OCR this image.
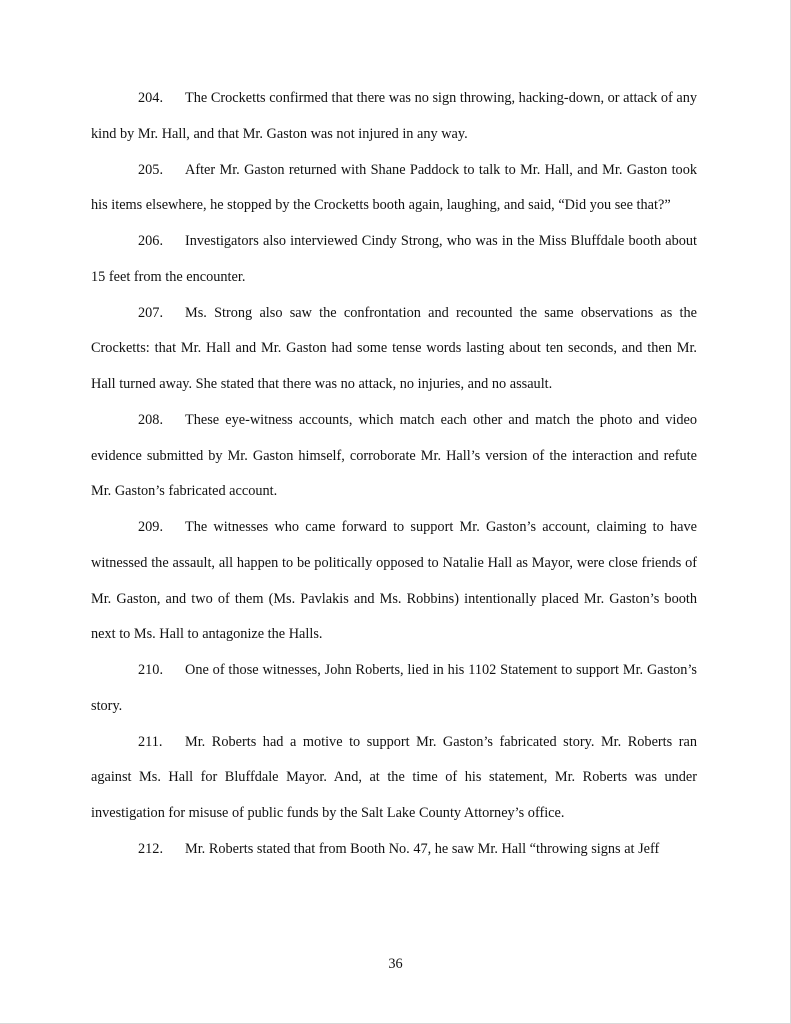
204. The Crocketts confirmed that there was no sign throwing, hacking-down, or attack of any kind by Mr. Hall, and that Mr. Gaston was not injured in any way.

205. After Mr. Gaston returned with Shane Paddock to talk to Mr. Hall, and Mr. Gaston took his items elsewhere, he stopped by the Crocketts booth again, laughing, and said, “Did you see that?”

206. Investigators also interviewed Cindy Strong, who was in the Miss Bluffdale booth about 15 feet from the encounter.

207. Ms. Strong also saw the confrontation and recounted the same observations as the Crocketts: that Mr. Hall and Mr. Gaston had some tense words lasting about ten seconds, and then Mr. Hall turned away. She stated that there was no attack, no injuries, and no assault.

208. These eye-witness accounts, which match each other and match the photo and video evidence submitted by Mr. Gaston himself, corroborate Mr. Hall’s version of the interaction and refute Mr. Gaston’s fabricated account.

209. The witnesses who came forward to support Mr. Gaston’s account, claiming to have witnessed the assault, all happen to be politically opposed to Natalie Hall as Mayor, were close friends of Mr. Gaston, and two of them (Ms. Pavlakis and Ms. Robbins) intentionally placed Mr. Gaston’s booth next to Ms. Hall to antagonize the Halls.

210. One of those witnesses, John Roberts, lied in his 1102 Statement to support Mr. Gaston’s story.

211. Mr. Roberts had a motive to support Mr. Gaston’s fabricated story. Mr. Roberts ran against Ms. Hall for Bluffdale Mayor. And, at the time of his statement, Mr. Roberts was under investigation for misuse of public funds by the Salt Lake County Attorney’s office.

212. Mr. Roberts stated that from Booth No. 47, he saw Mr. Hall “throwing signs at Jeff

36
